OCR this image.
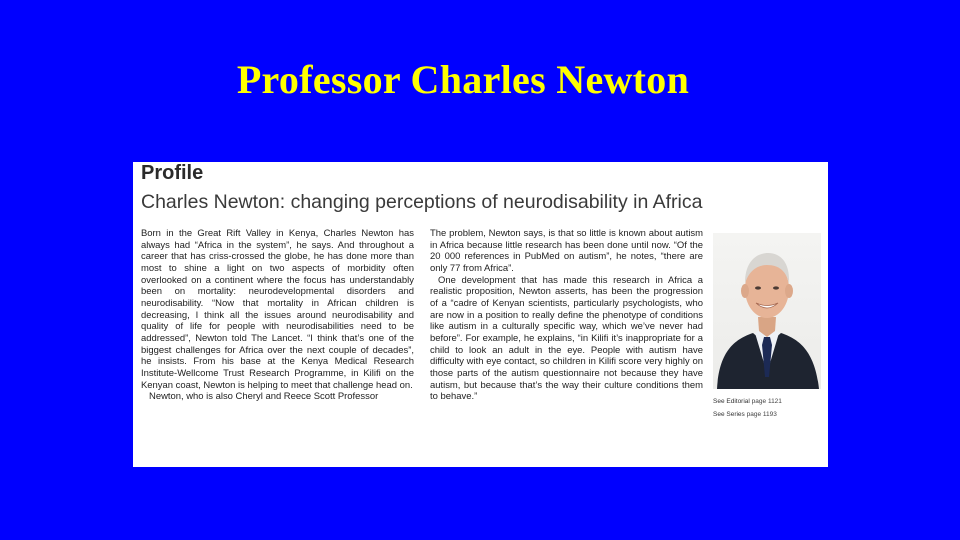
Professor Charles Newton
Profile
Charles Newton: changing perceptions of neurodisability in Africa

Born in the Great Rift Valley in Kenya, Charles Newton has always had “Africa in the system”, he says. And throughout a career that has criss-crossed the globe, he has done more than most to shine a light on two aspects of morbidity often overlooked on a continent where the focus has understandably been on mortality: neurodevelopmental disorders and neurodisability. “Now that mortality in African children is decreasing, I think all the issues around neurodisability and quality of life for people with neurodisabilities need to be addressed”, Newton told The Lancet. “I think that’s one of the biggest challenges for Africa over the next couple of decades”, he insists. From his base at the Kenya Medical Research Institute-Wellcome Trust Research Programme, in Kilifi on the Kenyan coast, Newton is helping to meet that challenge head on.

Newton, who is also Cheryl and Reece Scott Professor

The problem, Newton says, is that so little is known about autism in Africa because little research has been done until now. “Of the 20 000 references in PubMed on autism”, he notes, “there are only 77 from Africa”.

One development that has made this research in Africa a realistic proposition, Newton asserts, has been the progression of a “cadre of Kenyan scientists, particularly psychologists, who are now in a position to really define the phenotype of conditions like autism in a culturally specific way, which we’ve never had before”. For example, he explains, “in Kilifi it’s inappropriate for a child to look an adult in the eye. People with autism have difficulty with eye contact, so children in Kilifi score very highly on those parts of the autism questionnaire not because they have autism, but because that’s the way their culture conditions them to behave.”	See Editorial page 1121
See Series page 1193
